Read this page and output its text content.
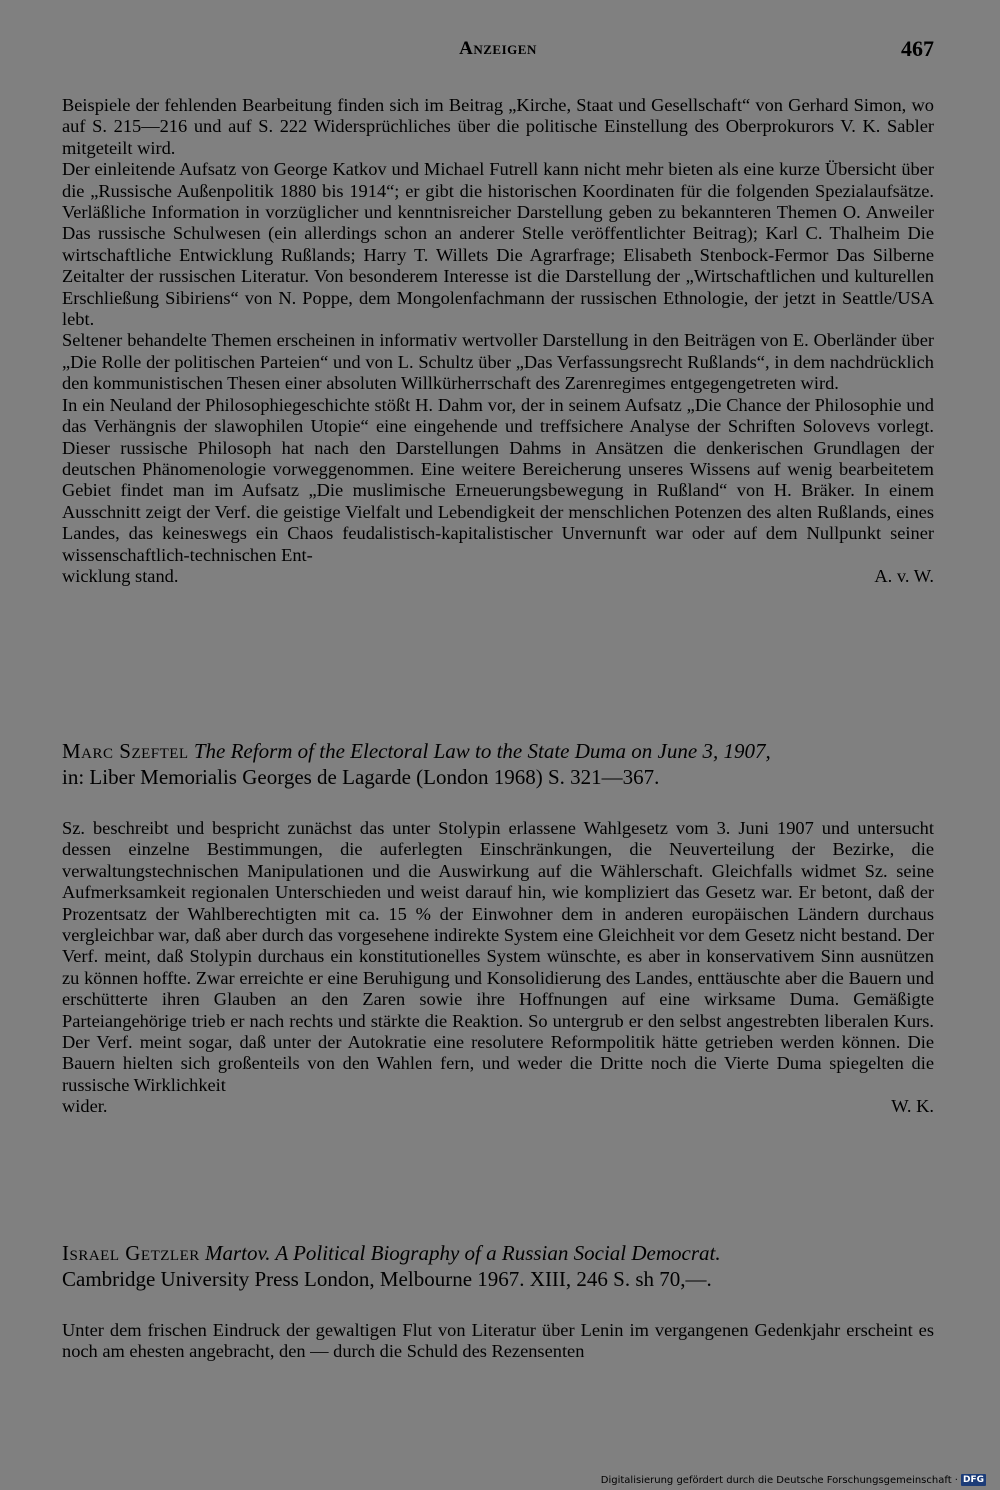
Anzeigen	467

Beispiele der fehlenden Bearbeitung finden sich im Beitrag „Kirche, Staat und Gesellschaft“ von Gerhard Simon, wo auf S. 215—216 und auf S. 222 Widersprüchliches über die politische Einstellung des Oberprokurors V. K. Sabler mitgeteilt wird.

Der einleitende Aufsatz von George Katkov und Michael Futrell kann nicht mehr bieten als eine kurze Übersicht über die „Russische Außenpolitik 1880 bis 1914“; er gibt die historischen Koordinaten für die folgenden Spezialaufsätze. Verläßliche Information in vorzüglicher und kenntnisreicher Darstellung geben zu bekannteren Themen O. Anweiler Das russische Schulwesen (ein allerdings schon an anderer Stelle veröffentlichter Beitrag); Karl C. Thalheim Die wirtschaftliche Entwicklung Rußlands; Harry T. Willets Die Agrarfrage; Elisabeth Stenbock-Fermor Das Silberne Zeitalter der russischen Literatur. Von besonderem Interesse ist die Darstellung der „Wirtschaftlichen und kulturellen Erschließung Sibiriens“ von N. Poppe, dem Mongolenfachmann der russischen Ethnologie, der jetzt in Seattle/USA lebt.

Seltener behandelte Themen erscheinen in informativ wertvoller Darstellung in den Beiträgen von E. Oberländer über „Die Rolle der politischen Parteien“ und von L. Schultz über „Das Verfassungsrecht Rußlands“, in dem nachdrücklich den kommunistischen Thesen einer absoluten Willkürherrschaft des Zarenregimes entgegengetreten wird.

In ein Neuland der Philosophiegeschichte stößt H. Dahm vor, der in seinem Aufsatz „Die Chance der Philosophie und das Verhängnis der slawophilen Utopie“ eine eingehende und treffsichere Analyse der Schriften Solovevs vorlegt. Dieser russische Philosoph hat nach den Darstellungen Dahms in Ansätzen die denkerischen Grundlagen der deutschen Phänomenologie vorweggenommen. Eine weitere Bereicherung unseres Wissens auf wenig bearbeitetem Gebiet findet man im Aufsatz „Die muslimische Erneuerungsbewegung in Rußland“ von H. Bräker. In einem Ausschnitt zeigt der Verf. die geistige Vielfalt und Lebendigkeit der menschlichen Potenzen des alten Rußlands, eines Landes, das keineswegs ein Chaos feudalistisch-kapitalistischer Unvernunft war oder auf dem Nullpunkt seiner wissenschaftlich-technischen Ent-

wicklung stand.	A. v. W.

Marc Szeftel The Reform of the Electoral Law to the State Duma on June 3, 1907,
in: Liber Memorialis Georges de Lagarde (London 1968) S. 321—367.

Sz. beschreibt und bespricht zunächst das unter Stolypin erlassene Wahlgesetz vom 3. Juni 1907 und untersucht dessen einzelne Bestimmungen, die auferlegten Einschränkungen, die Neuverteilung der Bezirke, die verwaltungstechnischen Manipulationen und die Auswirkung auf die Wählerschaft. Gleichfalls widmet Sz. seine Aufmerksamkeit regionalen Unterschieden und weist darauf hin, wie kompliziert das Gesetz war. Er betont, daß der Prozentsatz der Wahlberechtigten mit ca. 15 % der Einwohner dem in anderen europäischen Ländern durchaus vergleichbar war, daß aber durch das vorgesehene indirekte System eine Gleichheit vor dem Gesetz nicht bestand. Der Verf. meint, daß Stolypin durchaus ein konstitutionelles System wünschte, es aber in konservativem Sinn ausnützen zu können hoffte. Zwar erreichte er eine Beruhigung und Konsolidierung des Landes, enttäuschte aber die Bauern und erschütterte ihren Glauben an den Zaren sowie ihre Hoffnungen auf eine wirksame Duma. Gemäßigte Parteiangehörige trieb er nach rechts und stärkte die Reaktion. So untergrub er den selbst angestrebten liberalen Kurs. Der Verf. meint sogar, daß unter der Autokratie eine resolutere Reformpolitik hätte getrieben werden können. Die Bauern hielten sich großenteils von den Wahlen fern, und weder die Dritte noch die Vierte Duma spiegelten die russische Wirklichkeit

wider.	W. K.

Israel Getzler Martov. A Political Biography of a Russian Social Democrat.
Cambridge University Press London, Melbourne 1967. XIII, 246 S. sh 70,—.

Unter dem frischen Eindruck der gewaltigen Flut von Literatur über Lenin im vergangenen Gedenkjahr erscheint es noch am ehesten angebracht, den — durch die Schuld des Rezensenten

Digitalisierung gefördert durch die Deutsche Forschungsgemeinschaft · DFG
